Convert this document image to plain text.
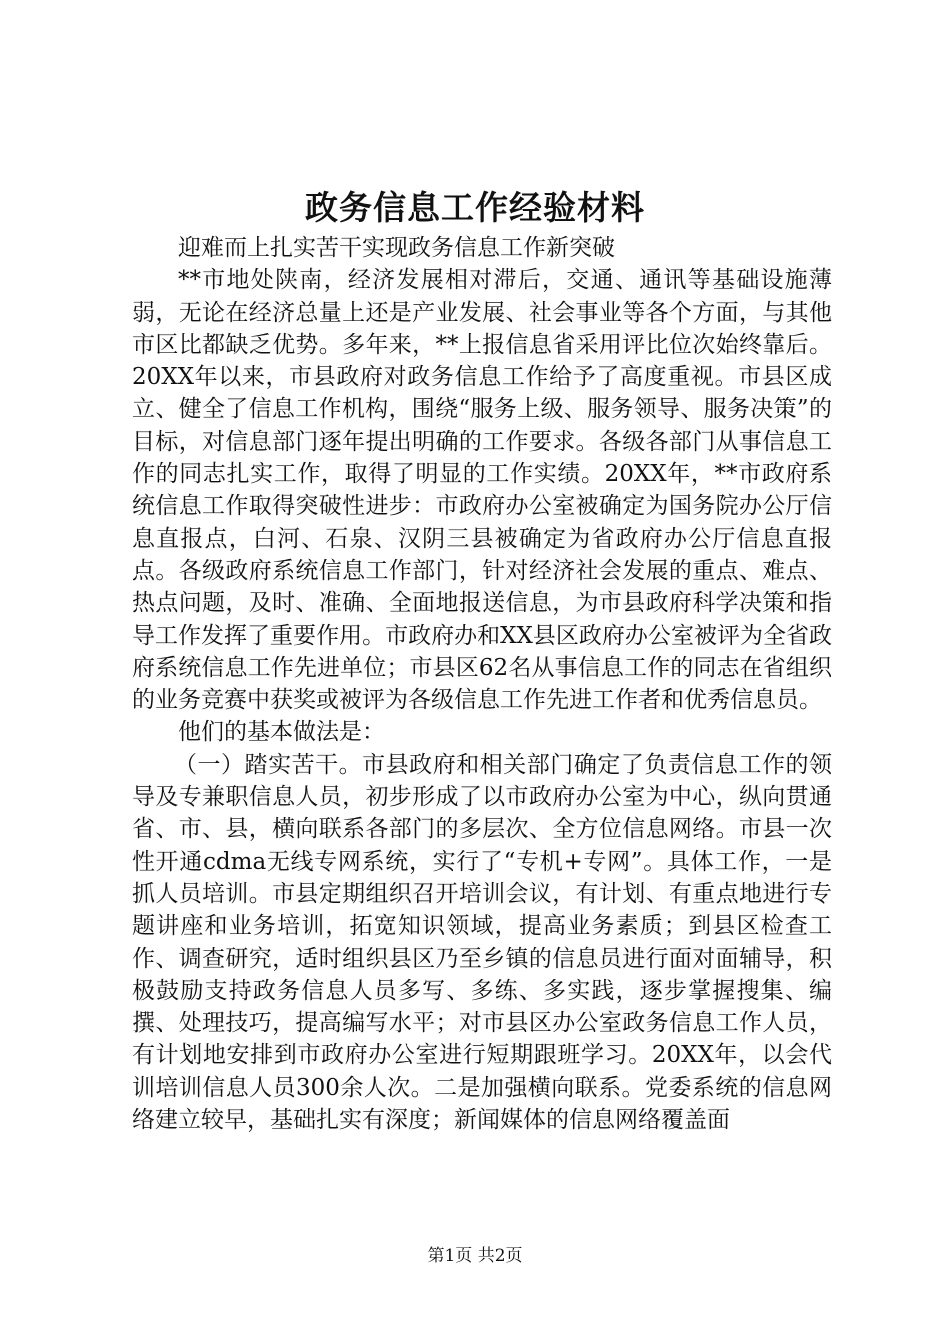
政务信息工作经验材料

迎难而上扎实苦干实现政务信息工作新突破

**市地处陕南，经济发展相对滞后，交通、通讯等基础设施薄弱，无论在经济总量上还是产业发展、社会事业等各个方面，与其他市区比都缺乏优势。多年来，**上报信息省采用评比位次始终靠后。20XX年以来，市县政府对政务信息工作给予了高度重视。市县区成立、健全了信息工作机构，围绕“服务上级、服务领导、服务决策”的目标，对信息部门逐年提出明确的工作要求。各级各部门从事信息工作的同志扎实工作，取得了明显的工作实绩。20XX年，**市政府系统信息工作取得突破性进步：市政府办公室被确定为国务院办公厅信息直报点，白河、石泉、汉阴三县被确定为省政府办公厅信息直报点。各级政府系统信息工作部门，针对经济社会发展的重点、难点、热点问题，及时、准确、全面地报送信息，为市县政府科学决策和指导工作发挥了重要作用。市政府办和XX县区政府办公室被评为全省政府系统信息工作先进单位；市县区62名从事信息工作的同志在省组织的业务竞赛中获奖或被评为各级信息工作先进工作者和优秀信息员。

他们的基本做法是：

（一）踏实苦干。市县政府和相关部门确定了负责信息工作的领导及专兼职信息人员，初步形成了以市政府办公室为中心，纵向贯通省、市、县，横向联系各部门的多层次、全方位信息网络。市县一次性开通cdma无线专网系统，实行了“专机+专网”。具体工作，一是抓人员培训。市县定期组织召开培训会议，有计划、有重点地进行专题讲座和业务培训，拓宽知识领域，提高业务素质；到县区检查工作、调查研究，适时组织县区乃至乡镇的信息员进行面对面辅导，积极鼓励支持政务信息人员多写、多练、多实践，逐步掌握搜集、编撰、处理技巧，提高编写水平；对市县区办公室政务信息工作人员，有计划地安排到市政府办公室进行短期跟班学习。20XX年，以会代训培训信息人员300余人次。二是加强横向联系。党委系统的信息网络建立较早，基础扎实有深度；新闻媒体的信息网络覆盖面

第1页 共2页
